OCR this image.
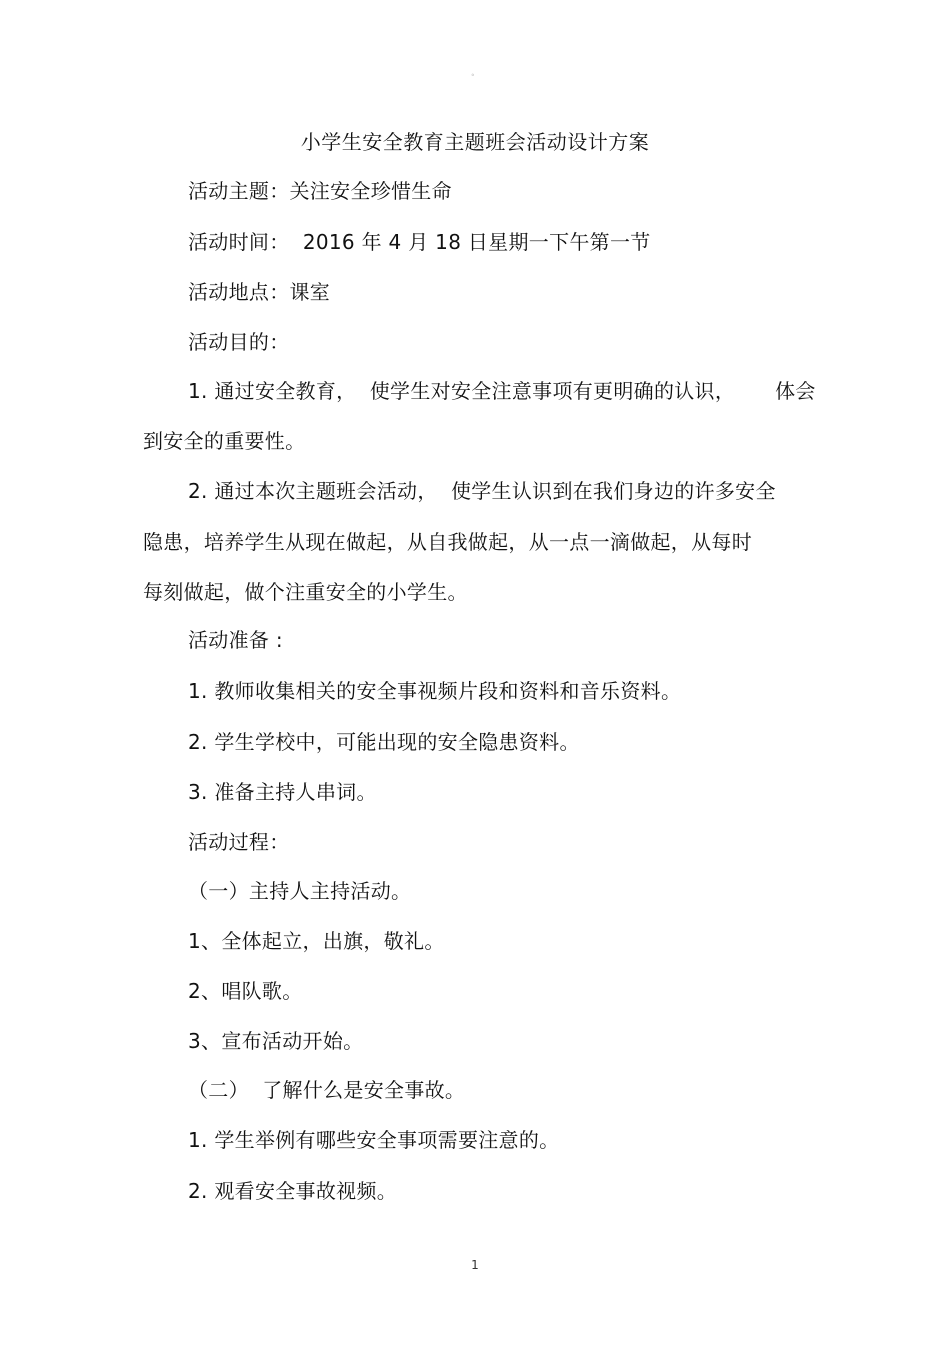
。
小学生安全教育主题班会活动设计方案
活动主题：关注安全珍惜生命
活动时间：  2016 年 4 月 18 日星期一下午第一节
活动地点：课室
活动目的：
1. 通过安全教育，  使学生对安全注意事项有更明确的认识，      体会
到安全的重要性。
2. 通过本次主题班会活动，  使学生认识到在我们身边的许多安全
隐患，培养学生从现在做起，从自我做起，从一点一滴做起，从每时
每刻做起，做个注重安全的小学生。
活动准备 :
1. 教师收集相关的安全事视频片段和资料和音乐资料。
2. 学生学校中，可能出现的安全隐患资料。
3. 准备主持人串词。
活动过程：
（一）主持人主持活动。
1、全体起立，出旗，敬礼。
2、唱队歌。
3、宣布活动开始。
（二）  了解什么是安全事故。
1. 学生举例有哪些安全事项需要注意的。
2. 观看安全事故视频。
1
